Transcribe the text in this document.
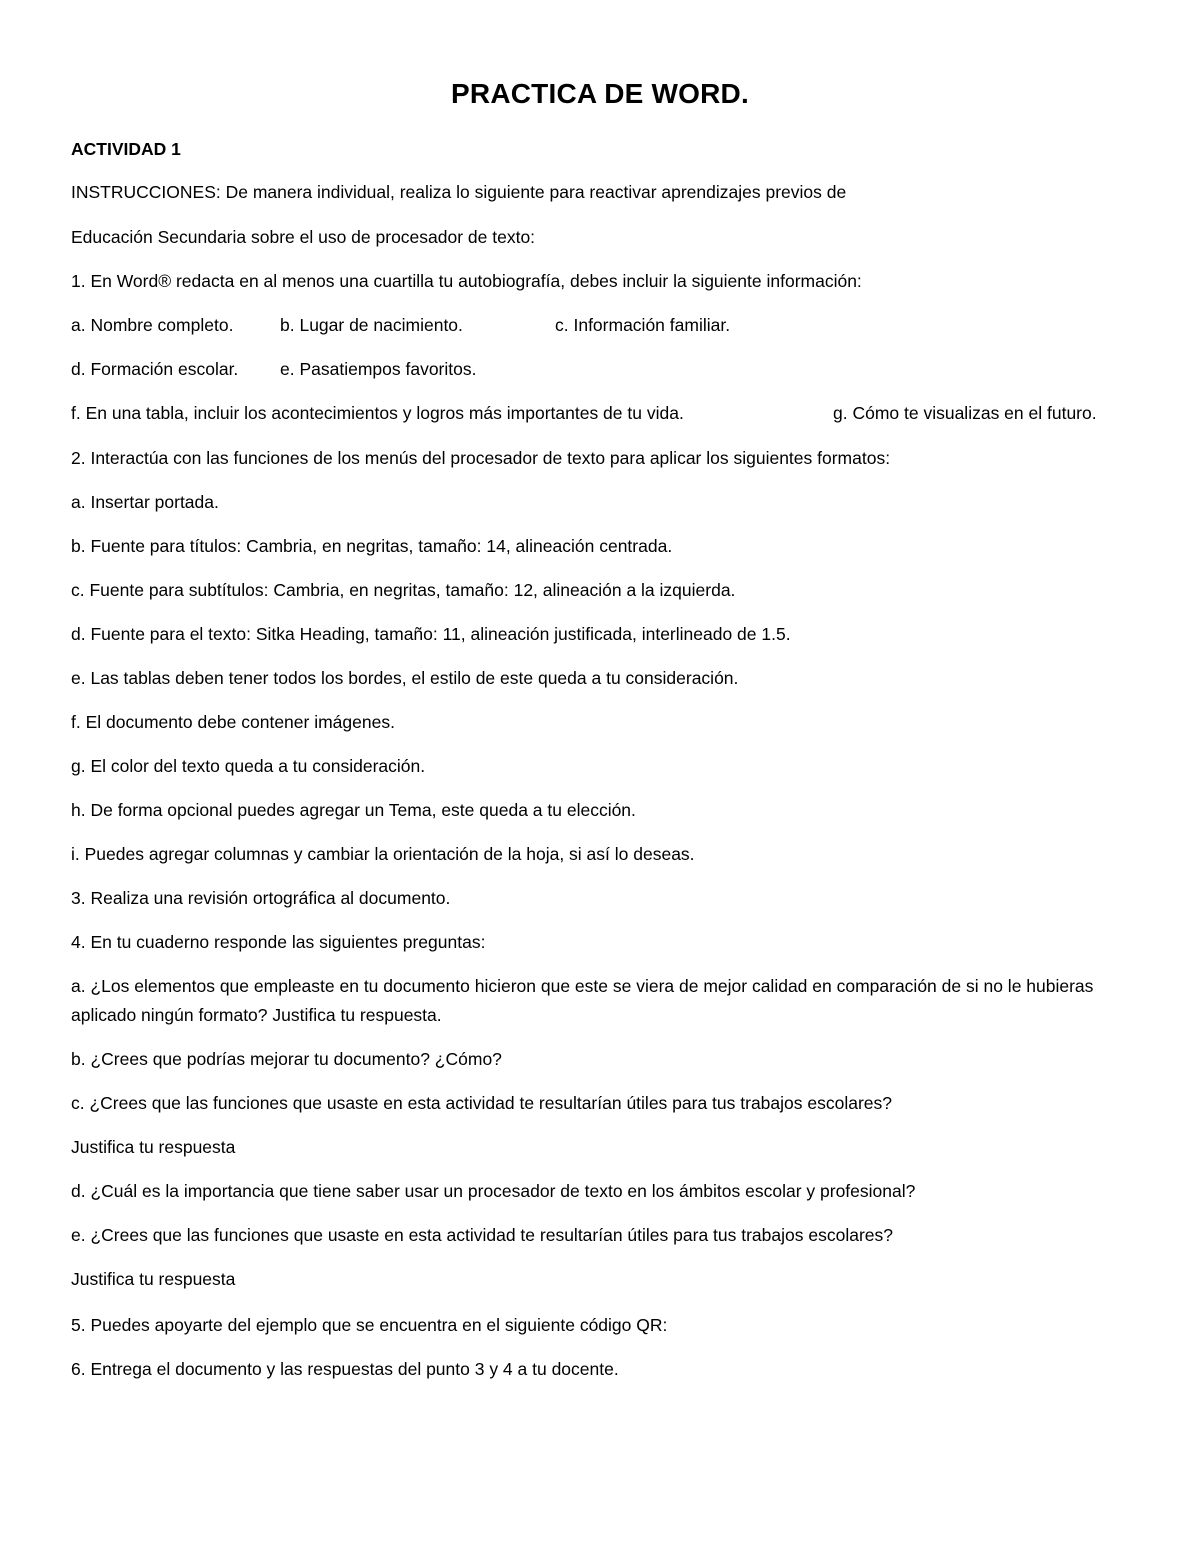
PRACTICA DE WORD.
ACTIVIDAD 1
INSTRUCCIONES: De manera individual, realiza lo siguiente para reactivar aprendizajes previos de
Educación Secundaria sobre el uso de procesador de texto:
1. En Word® redacta en al menos una cuartilla tu autobiografía, debes incluir la siguiente información:
a. Nombre completo.	b. Lugar de nacimiento.	c. Información familiar.
d. Formación escolar. e. Pasatiempos favoritos.
f. En una tabla, incluir los acontecimientos y logros más importantes de tu vida.	g. Cómo te visualizas en el futuro.
2. Interactúa con las funciones de los menús del procesador de texto para aplicar los siguientes formatos:
a. Insertar portada.
b. Fuente para títulos: Cambria, en negritas, tamaño: 14, alineación centrada.
c. Fuente para subtítulos: Cambria, en negritas, tamaño: 12, alineación a la izquierda.
d. Fuente para el texto: Sitka Heading, tamaño: 11, alineación justificada, interlineado de 1.5.
e. Las tablas deben tener todos los bordes, el estilo de este queda a tu consideración.
f. El documento debe contener imágenes.
g. El color del texto queda a tu consideración.
h. De forma opcional puedes agregar un Tema, este queda a tu elección.
i. Puedes agregar columnas y cambiar la orientación de la hoja, si así lo deseas.
3. Realiza una revisión ortográfica al documento.
4. En tu cuaderno responde las siguientes preguntas:
a. ¿Los elementos que empleaste en tu documento hicieron que este se viera de mejor calidad en comparación de si no le hubieras aplicado ningún formato? Justifica tu respuesta.
b. ¿Crees que podrías mejorar tu documento? ¿Cómo?
c. ¿Crees que las funciones que usaste en esta actividad te resultarían útiles para tus trabajos escolares?
Justifica tu respuesta
d. ¿Cuál es la importancia que tiene saber usar un procesador de texto en los ámbitos escolar y profesional?
e. ¿Crees que las funciones que usaste en esta actividad te resultarían útiles para tus trabajos escolares?
Justifica tu respuesta
5. Puedes apoyarte del ejemplo que se encuentra en el siguiente código QR:
6. Entrega el documento y las respuestas del punto 3 y 4 a tu docente.
